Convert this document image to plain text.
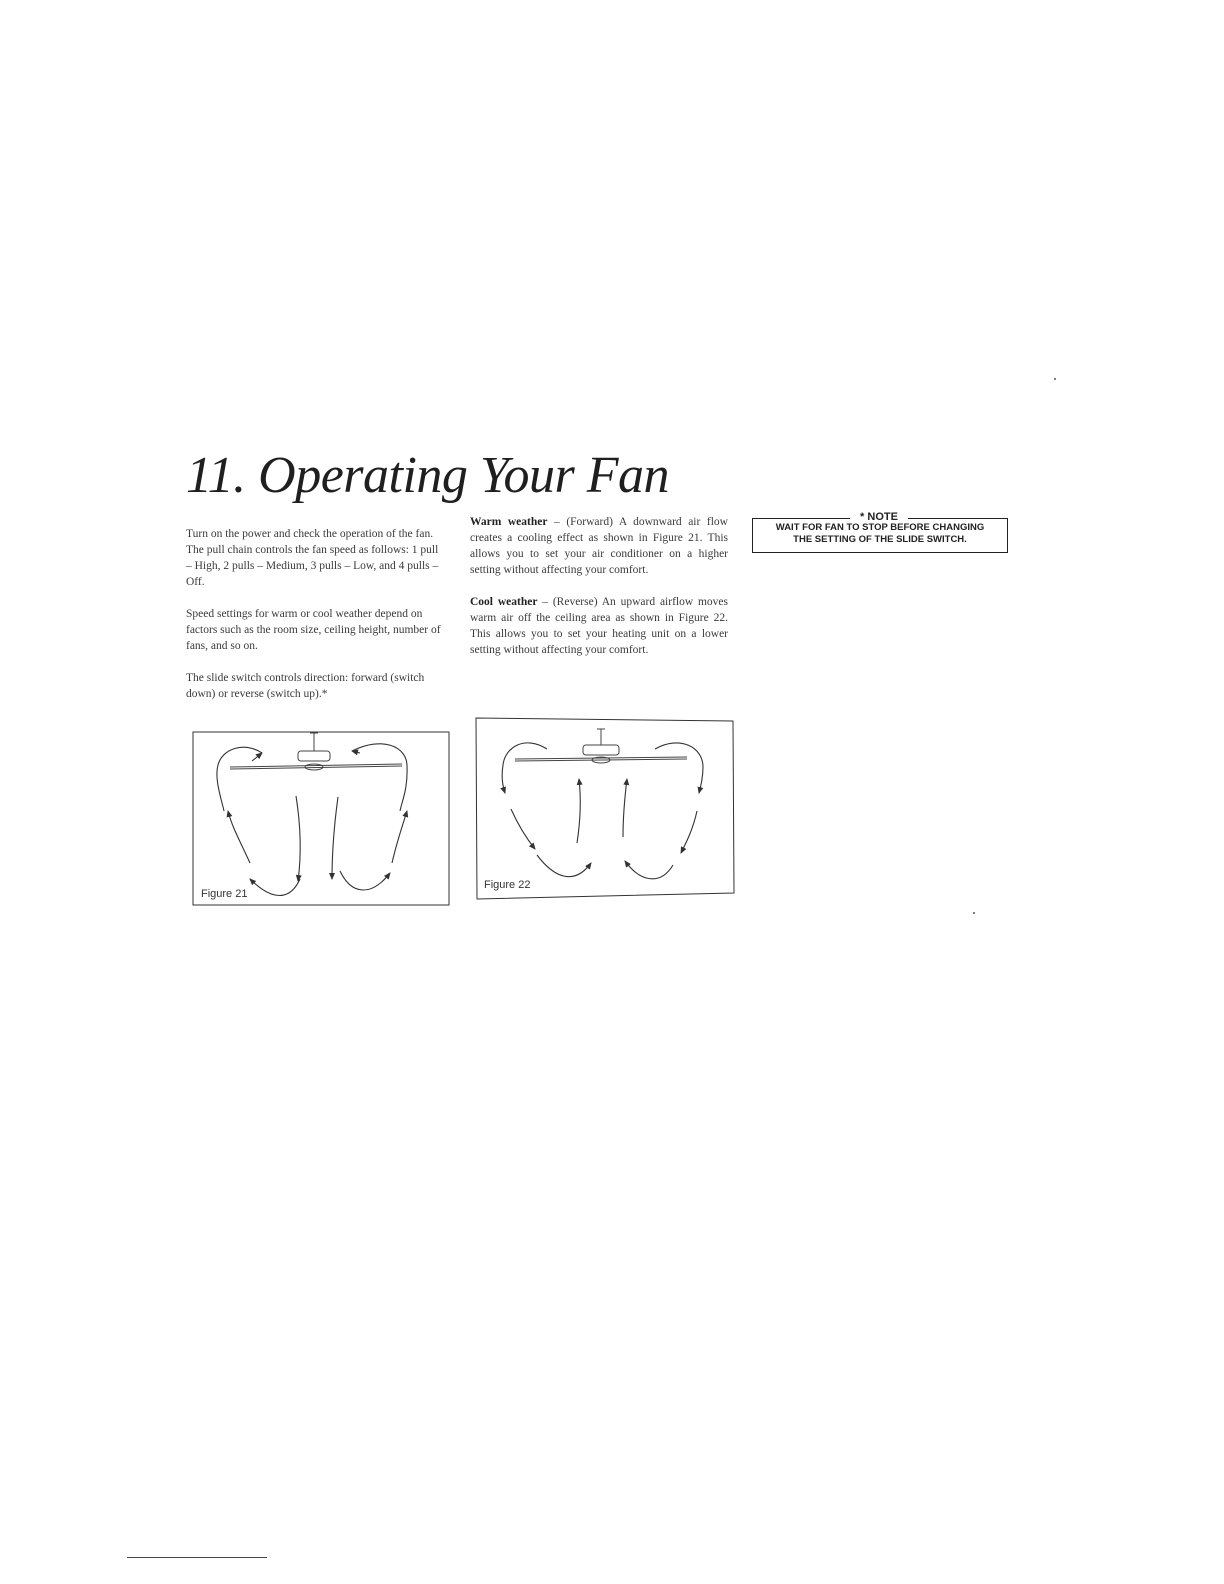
11. Operating Your Fan

Turn on the power and check the operation of the fan. The pull chain controls the fan speed as follows: 1 pull – High, 2 pulls – Medium, 3 pulls – Low, and 4 pulls – Off.

Speed settings for warm or cool weather depend on factors such as the room size, ceiling height, number of fans, and so on.

The slide switch controls direction: forward (switch down) or reverse (switch up).*

Warm weather – (Forward) A downward air flow creates a cooling effect as shown in Figure 21. This allows you to set your air conditioner on a higher setting without affecting your comfort.

Cool weather – (Reverse) An upward airflow moves warm air off the ceiling area as shown in Figure 22. This allows you to set your heating unit on a lower setting without affecting your comfort.

* NOTE
WAIT FOR FAN TO STOP BEFORE CHANGING
THE SETTING OF THE SLIDE SWITCH.
Figure 21
Figure 22
